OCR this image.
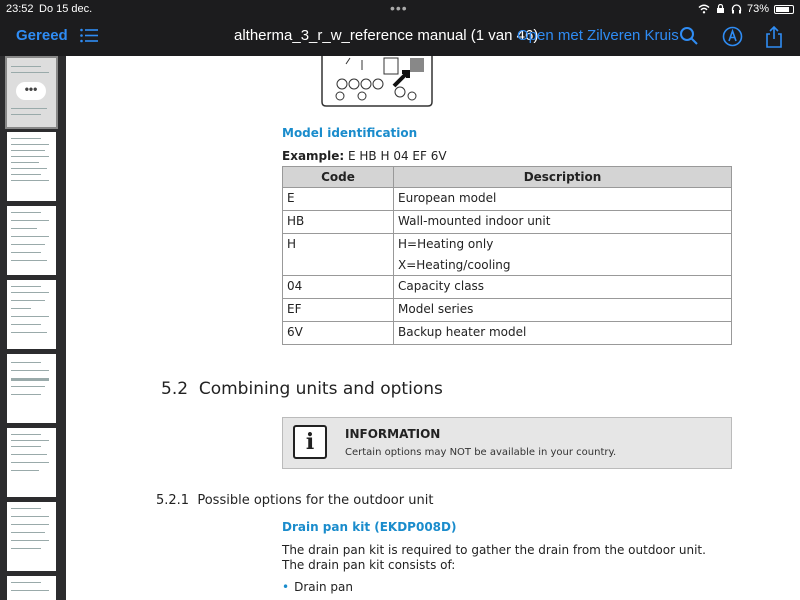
23:52 Do 15 dec.	•••	73%
Gereed	altherma_3_r_w_reference manual (1 van 46)
Open met Zilveren Kruis
•••
Model identification
Example: E HB H 04 EF 6V
Code	Description
E	European model
HB	Wall-mounted indoor unit
H	H=Heating only
X=Heating/cooling

04	Capacity class
EF	Model series
6V	Backup heater model
5.2  Combining units and options
i	INFORMATION
Certain options may NOT be available in your country.
5.2.1  Possible options for the outdoor unit
Drain pan kit (EKDP008D)
The drain pan kit is required to gather the drain from the outdoor unit. The drain pan kit consists of:
• Drain pan
